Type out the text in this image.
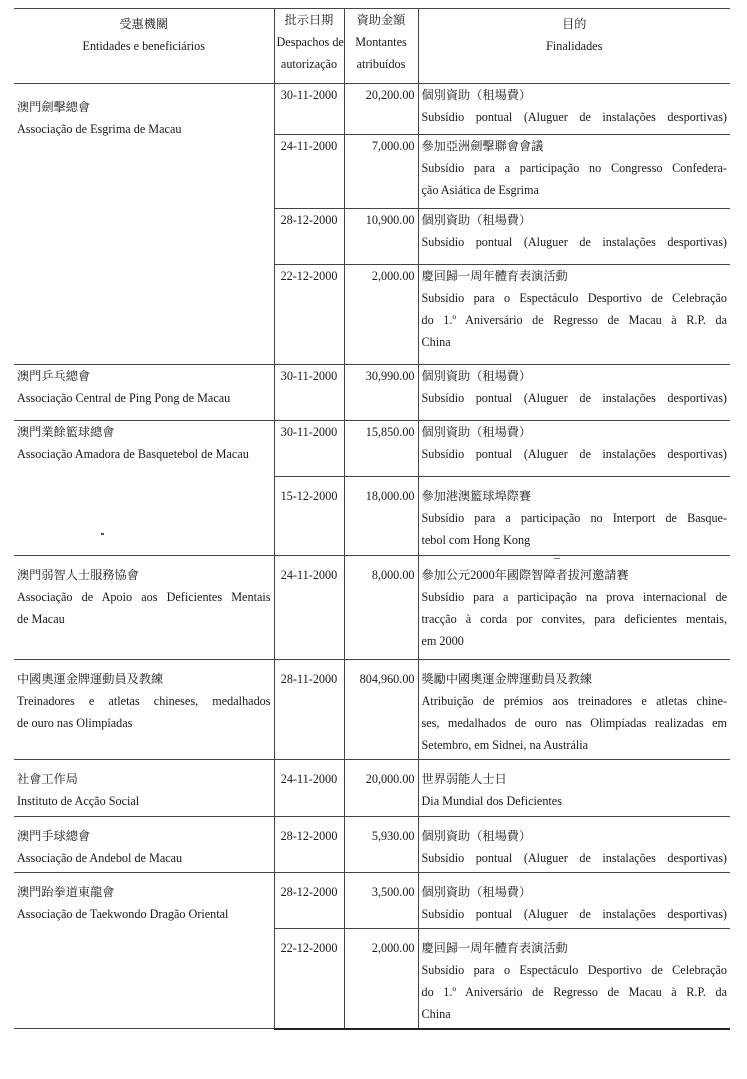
受惠機關
Entidades e beneficiários	批示日期
Despachos de
autorização	資助金額
Montantes
atribuídos	目的
Finalidades

澳門劍擊總會
Associação de Esgrima de Macau	30-11-2000	20,200.00	個別資助（租場費）
Subsídio pontual (Aluguer de instalações desportivas)

	24-11-2000	7,000.00	參加亞洲劍擊聯會會議
Subsídio para a participação no Congresso Confedera-
ção Asiática de Esgrima

	28-12-2000	10,900.00	個別資助（租場費）
Subsídio pontual (Aluguer de instalações desportivas)

	22-12-2000	2,000.00	慶回歸一周年體育表演活動
Subsídio para o Espectáculo Desportivo de Celebração
do 1.º Aniversário de Regresso de Macau à R.P. da
China

澳門乒乓總會
Associação Central de Ping Pong de Macau	30-11-2000	30,990.00	個別資助（租場費）
Subsídio pontual (Aluguer de instalações desportivas)

澳門業餘籃球總會
Associação Amadora de Basquetebol de Macau	30-11-2000	15,850.00	個別資助（租場費）
Subsídio pontual (Aluguer de instalações desportivas)

	15-12-2000	18,000.00	參加港澳籃球埠際賽
Subsídio para a participação no Interport de Basque-
tebol com Hong Kong

澳門弱智人士服務協會
Associação de Apoio aos Deficientes Mentais
de Macau	24-11-2000	8,000.00	參加公元2000年國際智障者拔河邀請賽
Subsídio para a participação na prova internacional de
tracção à corda por convites, para deficientes mentais,
em 2000

中國奧運金牌運動員及教練
Treinadores e atletas chineses, medalhados
de ouro nas Olimpíadas	28-11-2000	804,960.00	獎勵中國奧運金牌運動員及教練
Atribuição de prémios aos treinadores e atletas chine-
ses, medalhados de ouro nas Olimpíadas realizadas em
Setembro, em Sidnei, na Austrália

社會工作局
Instituto de Acção Social	24-11-2000	20,000.00	世界弱能人士日
Dia Mundial dos Deficientes

澳門手球總會
Associação de Andebol de Macau	28-12-2000	5,930.00	個別資助（租場費）
Subsídio pontual (Aluguer de instalações desportivas)

澳門跆拳道東龍會
Associação de Taekwondo Dragão Oriental	28-12-2000	3,500.00	個別資助（租場費）
Subsídio pontual (Aluguer de instalações desportivas)

	22-12-2000	2,000.00	慶回歸一周年體育表演活動
Subsídio para o Espectáculo Desportivo de Celebração
do 1.º Aniversário de Regresso de Macau à R.P. da
China
